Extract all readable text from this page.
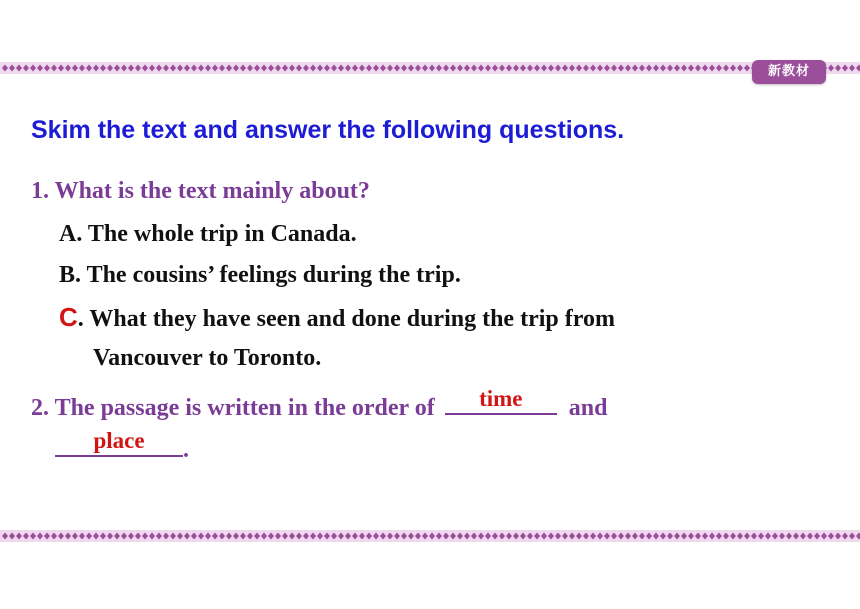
新教材
Skim the text and answer the following questions.
1. What is the text mainly about?
A. The whole trip in Canada.
B. The cousins’ feelings during the trip.
C. What they have seen and done during the trip from
Vancouver to Toronto.
2. The passage is written in the order of	time	and
place	.
